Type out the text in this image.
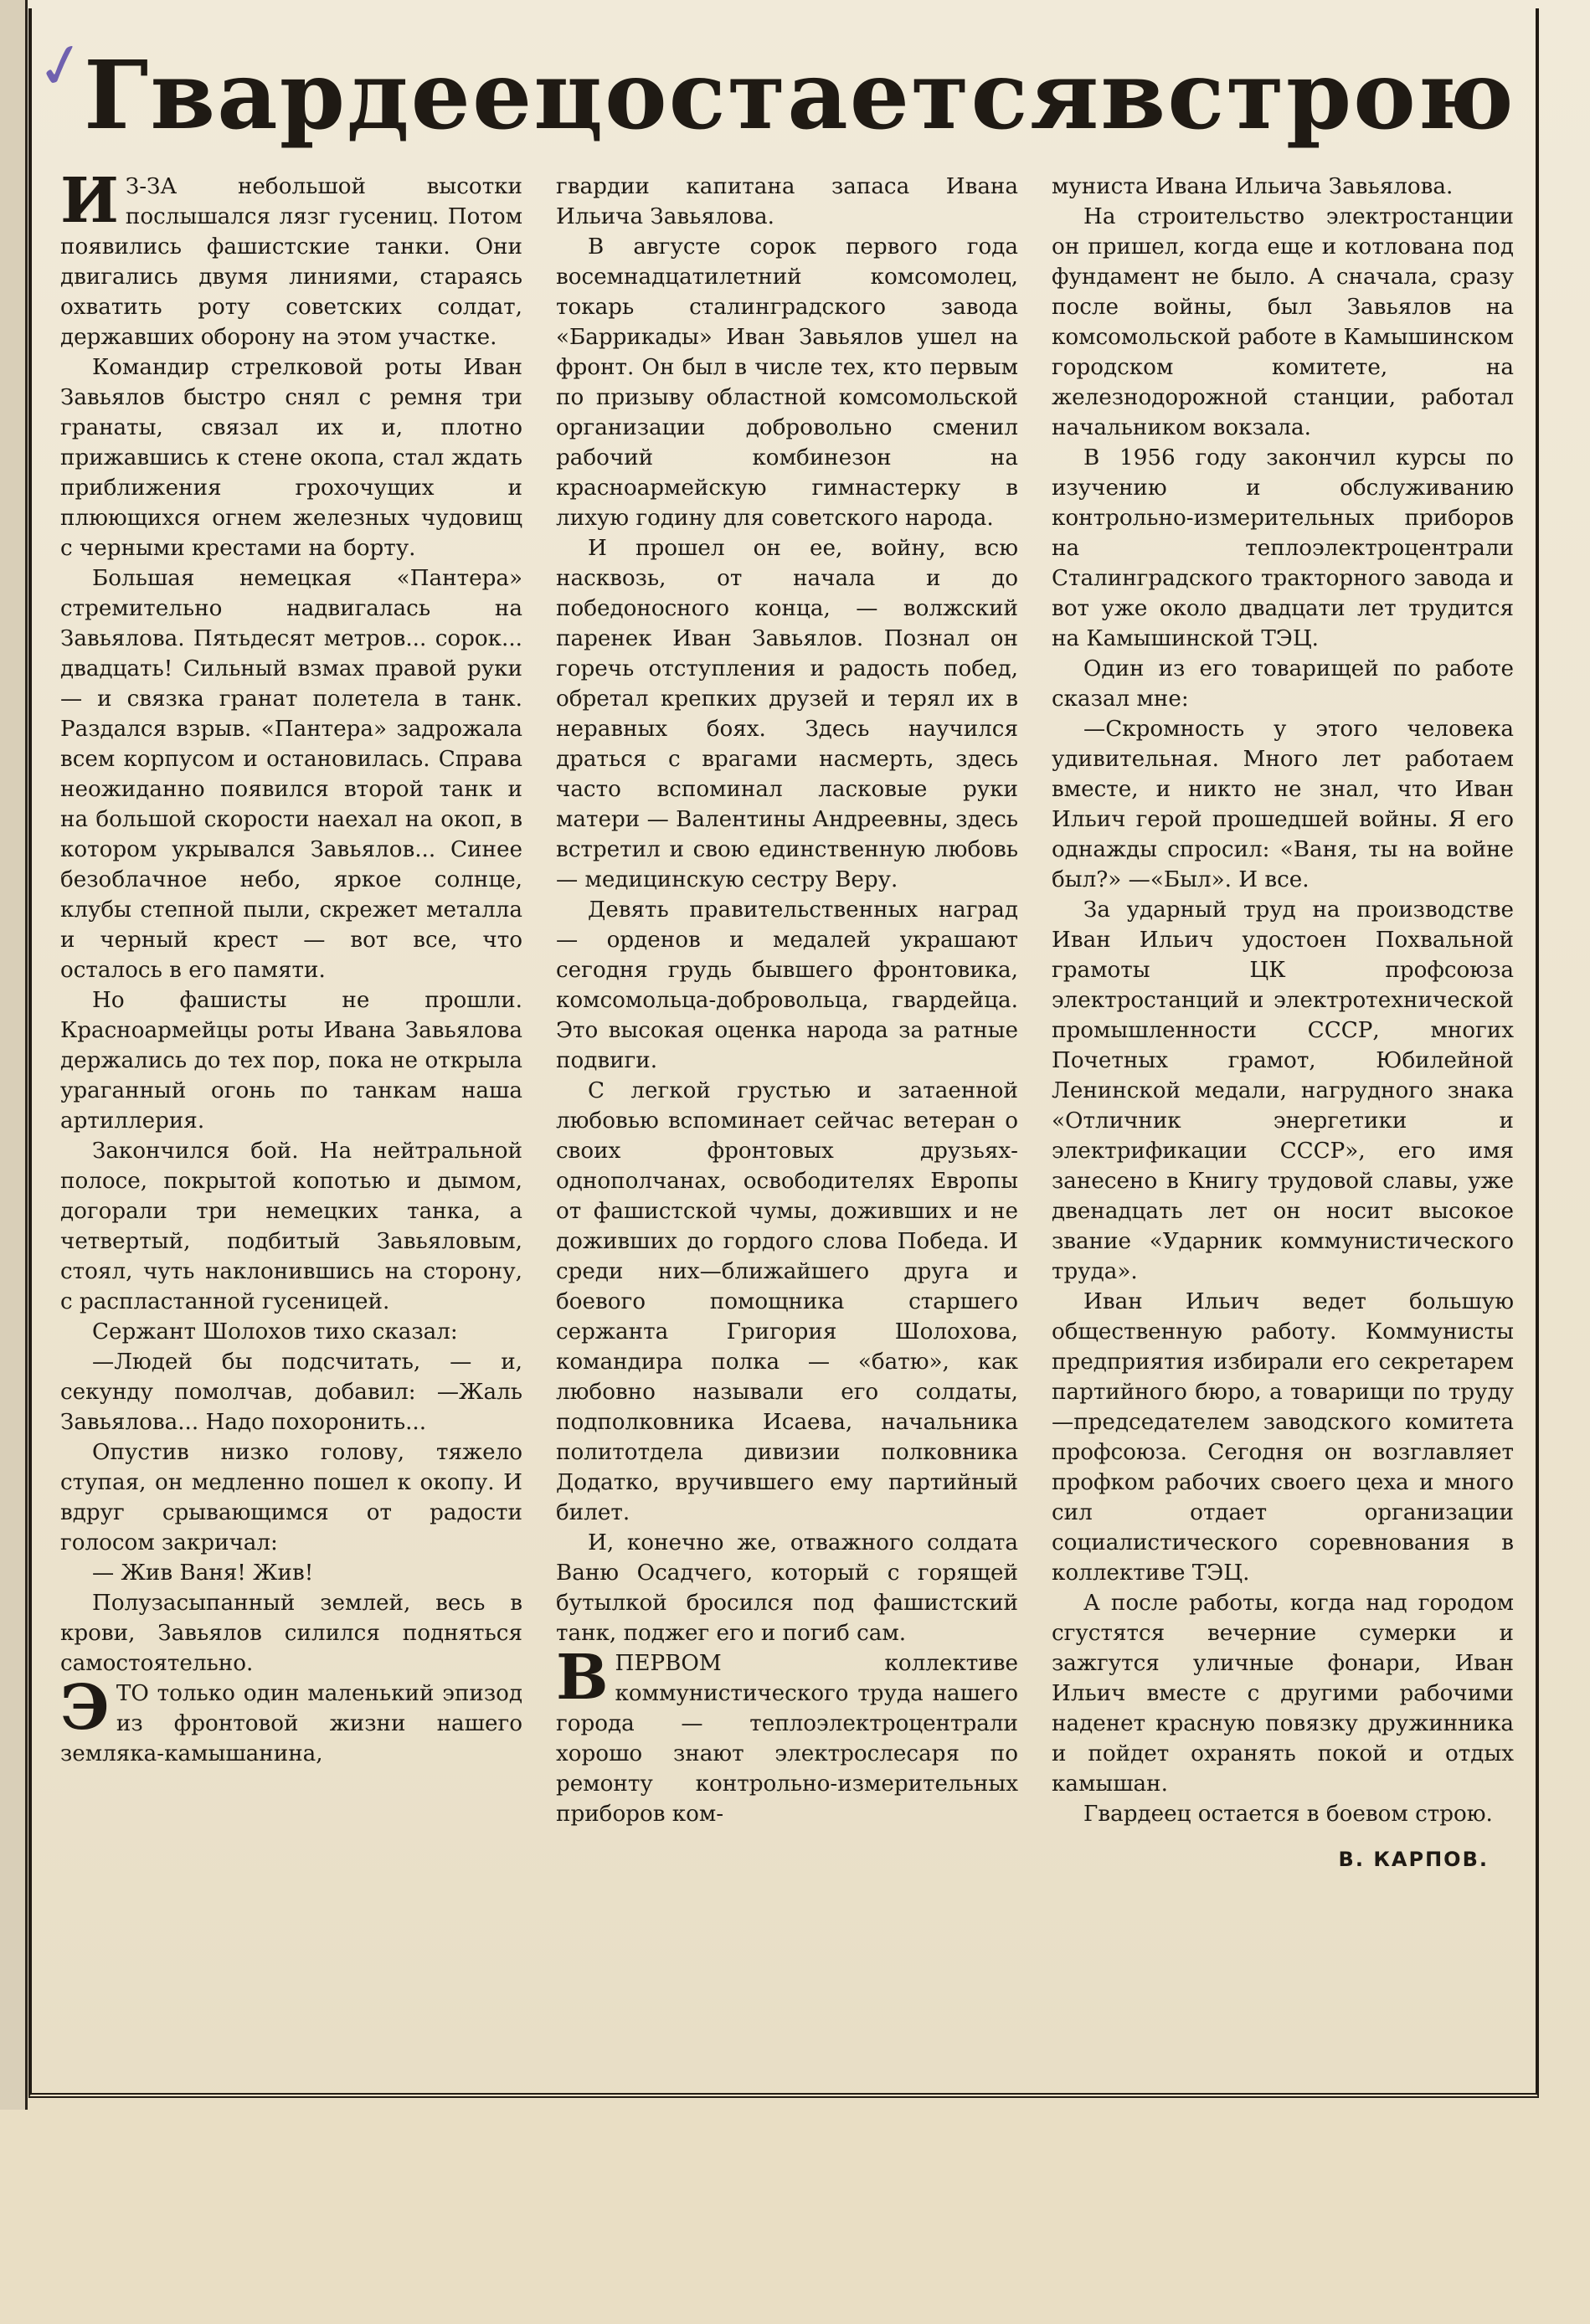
✓
Гвардеец остается в строю

И З-ЗА небольшой высотки послышался лязг гусениц. Потом появились фашистские танки. Они двигались двумя линиями, стараясь охватить роту советских солдат, державших оборону на этом участке.

Командир стрелковой роты Иван Завьялов быстро снял с ремня три гранаты, связал их и, плотно прижавшись к стене окопа, стал ждать приближения грохочущих и плюющихся огнем железных чудовищ с черными крестами на борту.

Большая немецкая «Пантера» стремительно надвигалась на Завьялова. Пятьдесят метров... сорок... двадцать! Сильный взмах правой руки — и связка гранат полетела в танк. Раздался взрыв. «Пантера» задрожала всем корпусом и остановилась. Справа неожиданно появился второй танк и на большой скорости наехал на окоп, в котором укрывался Завьялов... Синее безоблачное небо, яркое солнце, клубы степной пыли, скрежет металла и черный крест — вот все, что осталось в его памяти.

Но фашисты не прошли. Красноармейцы роты Ивана Завьялова держались до тех пор, пока не открыла ураганный огонь по танкам наша артиллерия.

Закончился бой. На нейтральной полосе, покрытой копотью и дымом, догорали три немецких танка, а четвертый, подбитый Завьяловым, стоял, чуть наклонившись на сторону, с распластанной гусеницей.

Сержант Шолохов тихо сказал:

—Людей бы подсчитать, — и, секунду помолчав, добавил: —Жаль Завьялова... Надо похоронить...

Опустив низко голову, тяжело ступая, он медленно пошел к окопу. И вдруг срывающимся от радости голосом закричал:

— Жив Ваня! Жив!

Полузасыпанный землей, весь в крови, Завьялов силился подняться самостоятельно.

ЭТО только один маленький эпизод из фронтовой жизни нашего земляка-камышанина,

гвардии капитана запаса Ивана Ильича Завьялова.

В августе сорок первого года восемнадцатилетний комсомолец, токарь сталинградского завода «Баррикады» Иван Завьялов ушел на фронт. Он был в числе тех, кто первым по призыву областной комсомольской организации добровольно сменил рабочий комбинезон на красноармейскую гимнастерку в лихую годину для советского народа.

И прошел он ее, войну, всю насквозь, от начала и до победоносного конца, — волжский паренек Иван Завьялов. Познал он горечь отступления и радость побед, обретал крепких друзей и терял их в неравных боях. Здесь научился драться с врагами насмерть, здесь часто вспоминал ласковые руки матери — Валентины Андреевны, здесь встретил и свою единственную любовь — медицинскую сестру Веру.

Девять правительственных наград — орденов и медалей украшают сегодня грудь бывшего фронтовика, комсомольца-добровольца, гвардейца. Это высокая оценка народа за ратные подвиги.

С легкой грустью и затаенной любовью вспоминает сейчас ветеран о своих фронтовых друзьях-однополчанах, освободителях Европы от фашистской чумы, доживших и не доживших до гордого слова Победа. И среди них—ближайшего друга и боевого помощника старшего сержанта Григория Шолохова, командира полка — «батю», как любовно называли его солдаты, подполковника Исаева, начальника политотдела дивизии полковника Додатко, вручившего ему партийный билет.

И, конечно же, отважного солдата Ваню Осадчего, который с горящей бутылкой бросился под фашистский танк, поджег его и погиб сам.

ВПЕРВОМ коллективе коммунистического труда нашего города — теплоэлектроцентрали хорошо знают электрослесаря по ремонту контрольно-измерительных приборов ком-

муниста Ивана Ильича Завьялова.

На строительство электростанции он пришел, когда еще и котлована под фундамент не было. А сначала, сразу после войны, был Завьялов на комсомольской работе в Камышинском городском комитете, на железнодорожной станции, работал начальником вокзала.

В 1956 году закончил курсы по изучению и обслуживанию контрольно-измерительных приборов на теплоэлектроцентрали Сталинградского тракторного завода и вот уже около двадцати лет трудится на Камышинской ТЭЦ.

Один из его товарищей по работе сказал мне:

—Скромность у этого человека удивительная. Много лет работаем вместе, и никто не знал, что Иван Ильич герой прошедшей войны. Я его однажды спросил: «Ваня, ты на войне был?» —«Был». И все.

За ударный труд на производстве Иван Ильич удостоен Похвальной грамоты ЦК профсоюза электростанций и электротехнической промышленности СССР, многих Почетных грамот, Юбилейной Ленинской медали, нагрудного знака «Отличник энергетики и электрификации СССР», его имя занесено в Книгу трудовой славы, уже двенадцать лет он носит высокое звание «Ударник коммунистического труда».

Иван Ильич ведет большую общественную работу. Коммунисты предприятия избирали его секретарем партийного бюро, а товарищи по труду—председателем заводского комитета профсоюза. Сегодня он возглавляет профком рабочих своего цеха и много сил отдает организации социалистического соревнования в коллективе ТЭЦ.

А после работы, когда над городом сгустятся вечерние сумерки и зажгутся уличные фонари, Иван Ильич вместе с другими рабочими наденет красную повязку дружинника и пойдет охранять покой и отдых камышан.

Гвардеец остается в боевом строю.

В. КАРПОВ.
